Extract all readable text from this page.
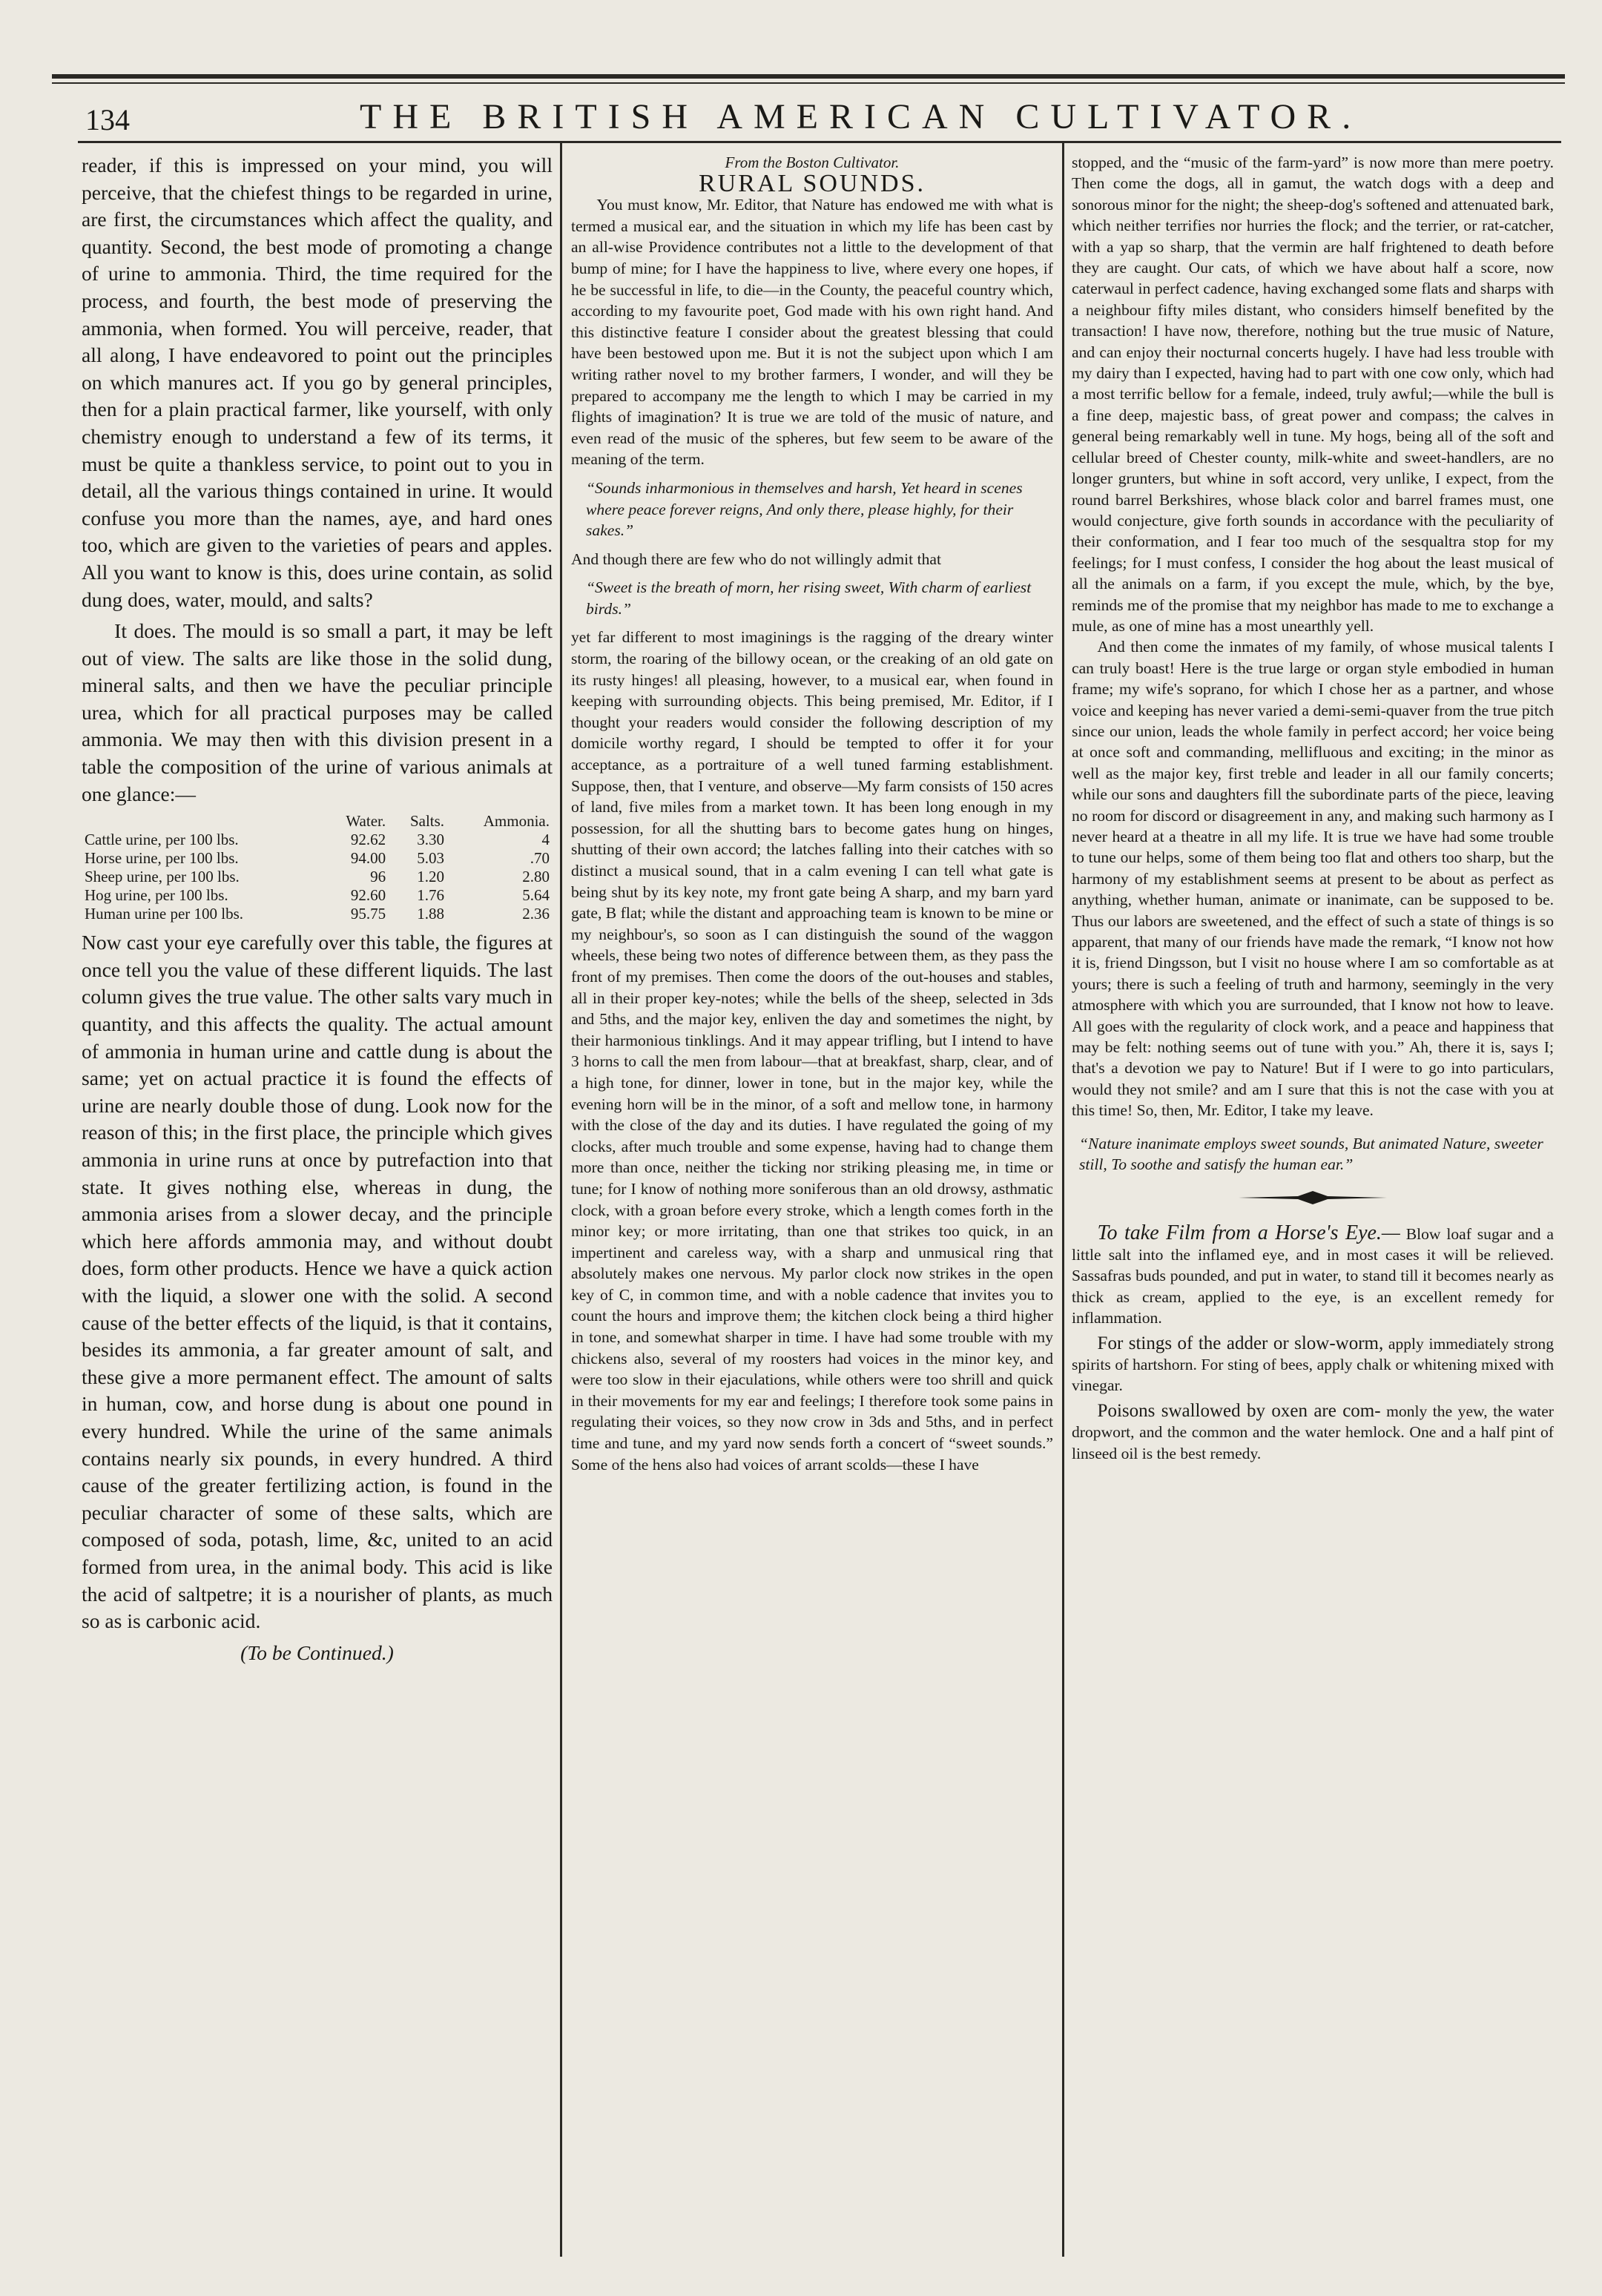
134	THE BRITISH AMERICAN CULTIVATOR.

reader, if this is impressed on your mind, you will perceive, that the chiefest things to be regarded in urine, are first, the circumstances which affect the quality, and quantity. Second, the best mode of promoting a change of urine to ammonia. Third, the time required for the process, and fourth, the best mode of preserving the ammonia, when formed. You will perceive, reader, that all along, I have endeavored to point out the principles on which manures act. If you go by general principles, then for a plain practical farmer, like yourself, with only chemistry enough to understand a few of its terms, it must be quite a thankless service, to point out to you in detail, all the various things contained in urine. It would confuse you more than the names, aye, and hard ones too, which are given to the varieties of pears and apples. All you want to know is this, does urine contain, as solid dung does, water, mould, and salts?

It does. The mould is so small a part, it may be left out of view. The salts are like those in the solid dung, mineral salts, and then we have the peculiar principle urea, which for all practical purposes may be called ammonia. We may then with this division present in a table the composition of the urine of various animals at one glance:—

	Water.	Salts.	Ammonia.
Cattle urine, per 100 lbs.	92.62	3.30	4
Horse urine, per 100 lbs.	94.00	5.03	.70
Sheep urine, per 100 lbs.	96	1.20	2.80
Hog urine, per 100 lbs.	92.60	1.76	5.64
Human urine per 100 lbs.	95.75	1.88	2.36

Now cast your eye carefully over this table, the figures at once tell you the value of these different liquids. The last column gives the true value. The other salts vary much in quantity, and this affects the quality. The actual amount of ammonia in human urine and cattle dung is about the same; yet on actual practice it is found the effects of urine are nearly double those of dung. Look now for the reason of this; in the first place, the principle which gives ammonia in urine runs at once by putrefaction into that state. It gives nothing else, whereas in dung, the ammonia arises from a slower decay, and the principle which here affords ammonia may, and without doubt does, form other products. Hence we have a quick action with the liquid, a slower one with the solid. A second cause of the better effects of the liquid, is that it contains, besides its ammonia, a far greater amount of salt, and these give a more permanent effect. The amount of salts in human, cow, and horse dung is about one pound in every hundred. While the urine of the same animals contains nearly six pounds, in every hundred. A third cause of the greater fertilizing action, is found in the peculiar character of some of these salts, which are composed of soda, potash, lime, &c, united to an acid formed from urea, in the animal body. This acid is like the acid of saltpetre; it is a nourisher of plants, as much so as is carbonic acid.

(To be Continued.)

From the Boston Cultivator.

RURAL SOUNDS.

You must know, Mr. Editor, that Nature has endowed me with what is termed a musical ear, and the situation in which my life has been cast by an all-wise Providence contributes not a little to the development of that bump of mine; for I have the happiness to live, where every one hopes, if he be successful in life, to die—in the County, the peaceful country which, according to my favourite poet, God made with his own right hand. And this distinctive feature I consider about the greatest blessing that could have been bestowed upon me. But it is not the subject upon which I am writing rather novel to my brother farmers, I wonder, and will they be prepared to accompany me the length to which I may be carried in my flights of imagination? It is true we are told of the music of nature, and even read of the music of the spheres, but few seem to be aware of the meaning of the term.

“Sounds inharmonious in themselves and harsh, Yet heard in scenes where peace forever reigns, And only there, please highly, for their sakes.”

And though there are few who do not willingly admit that

“Sweet is the breath of morn, her rising sweet, With charm of earliest birds.”

yet far different to most imaginings is the ragging of the dreary winter storm, the roaring of the billowy ocean, or the creaking of an old gate on its rusty hinges! all pleasing, however, to a musical ear, when found in keeping with surrounding objects. This being premised, Mr. Editor, if I thought your readers would consider the following description of my domicile worthy regard, I should be tempted to offer it for your acceptance, as a portraiture of a well tuned farming establishment. Suppose, then, that I venture, and observe—My farm consists of 150 acres of land, five miles from a market town. It has been long enough in my possession, for all the shutting bars to become gates hung on hinges, shutting of their own accord; the latches falling into their catches with so distinct a musical sound, that in a calm evening I can tell what gate is being shut by its key note, my front gate being A sharp, and my barn yard gate, B flat; while the distant and approaching team is known to be mine or my neighbour's, so soon as I can distinguish the sound of the waggon wheels, these being two notes of difference between them, as they pass the front of my premises. Then come the doors of the out-houses and stables, all in their proper key-notes; while the bells of the sheep, selected in 3ds and 5ths, and the major key, enliven the day and sometimes the night, by their harmonious tinklings. And it may appear trifling, but I intend to have 3 horns to call the men from labour—that at breakfast, sharp, clear, and of a high tone, for dinner, lower in tone, but in the major key, while the evening horn will be in the minor, of a soft and mellow tone, in harmony with the close of the day and its duties. I have regulated the going of my clocks, after much trouble and some expense, having had to change them more than once, neither the ticking nor striking pleasing me, in time or tune; for I know of nothing more soniferous than an old drowsy, asthmatic clock, with a groan before every stroke, which a length comes forth in the minor key; or more irritating, than one that strikes too quick, in an impertinent and careless way, with a sharp and unmusical ring that absolutely makes one nervous. My parlor clock now strikes in the open key of C, in common time, and with a noble cadence that invites you to count the hours and improve them; the kitchen clock being a third higher in tone, and somewhat sharper in time. I have had some trouble with my chickens also, several of my roosters had voices in the minor key, and were too slow in their ejaculations, while others were too shrill and quick in their movements for my ear and feelings; I therefore took some pains in regulating their voices, so they now crow in 3ds and 5ths, and in perfect time and tune, and my yard now sends forth a concert of “sweet sounds.” Some of the hens also had voices of arrant scolds—these I have

stopped, and the “music of the farm-yard” is now more than mere poetry. Then come the dogs, all in gamut, the watch dogs with a deep and sonorous minor for the night; the sheep-dog's softened and attenuated bark, which neither terrifies nor hurries the flock; and the terrier, or rat-catcher, with a yap so sharp, that the vermin are half frightened to death before they are caught. Our cats, of which we have about half a score, now caterwaul in perfect cadence, having exchanged some flats and sharps with a neighbour fifty miles distant, who considers himself benefited by the transaction! I have now, therefore, nothing but the true music of Nature, and can enjoy their nocturnal concerts hugely. I have had less trouble with my dairy than I expected, having had to part with one cow only, which had a most terrific bellow for a female, indeed, truly awful;—while the bull is a fine deep, majestic bass, of great power and compass; the calves in general being remarkably well in tune. My hogs, being all of the soft and cellular breed of Chester county, milk-white and sweet-handlers, are no longer grunters, but whine in soft accord, very unlike, I expect, from the round barrel Berkshires, whose black color and barrel frames must, one would conjecture, give forth sounds in accordance with the peculiarity of their conformation, and I fear too much of the sesqualtra stop for my feelings; for I must confess, I consider the hog about the least musical of all the animals on a farm, if you except the mule, which, by the bye, reminds me of the promise that my neighbor has made to me to exchange a mule, as one of mine has a most unearthly yell.

And then come the inmates of my family, of whose musical talents I can truly boast! Here is the true large or organ style embodied in human frame; my wife's soprano, for which I chose her as a partner, and whose voice and keeping has never varied a demi-semi-quaver from the true pitch since our union, leads the whole family in perfect accord; her voice being at once soft and commanding, mellifluous and exciting; in the minor as well as the major key, first treble and leader in all our family concerts; while our sons and daughters fill the subordinate parts of the piece, leaving no room for discord or disagreement in any, and making such harmony as I never heard at a theatre in all my life. It is true we have had some trouble to tune our helps, some of them being too flat and others too sharp, but the harmony of my establishment seems at present to be about as perfect as anything, whether human, animate or inanimate, can be supposed to be. Thus our labors are sweetened, and the effect of such a state of things is so apparent, that many of our friends have made the remark, “I know not how it is, friend Dingsson, but I visit no house where I am so comfortable as at yours; there is such a feeling of truth and harmony, seemingly in the very atmosphere with which you are surrounded, that I know not how to leave. All goes with the regularity of clock work, and a peace and happiness that may be felt: nothing seems out of tune with you.” Ah, there it is, says I; that's a devotion we pay to Nature! But if I were to go into particulars, would they not smile? and am I sure that this is not the case with you at this time! So, then, Mr. Editor, I take my leave.

“Nature inanimate employs sweet sounds, But animated Nature, sweeter still, To soothe and satisfy the human ear.”

To take Film from a Horse's Eye.— Blow loaf sugar and a little salt into the inflamed eye, and in most cases it will be relieved. Sassafras buds pounded, and put in water, to stand till it becomes nearly as thick as cream, applied to the eye, is an excellent remedy for inflammation.

For stings of the adder or slow-worm, apply immediately strong spirits of hartshorn. For sting of bees, apply chalk or whitening mixed with vinegar.

Poisons swallowed by oxen are com- monly the yew, the water dropwort, and the common and the water hemlock. One and a half pint of linseed oil is the best remedy.
